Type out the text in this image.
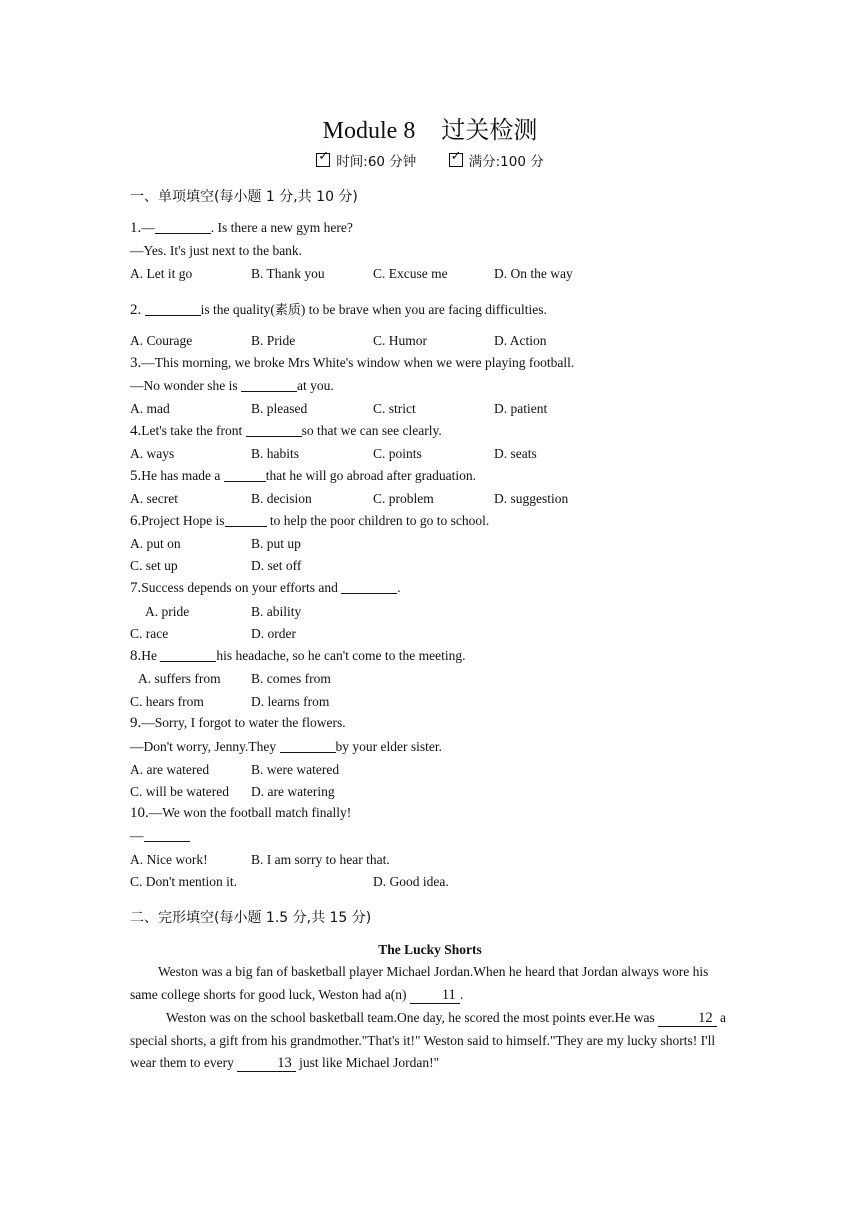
Module 8 过关检测
✓时间:60 分钟 ✓	满分:100 分
一、单项填空(每小题 1 分,共 10 分)
1.—	. Is there a new gym here?
—Yes. It's just next to the bank.
A. Let it go	B. Thank you	C. Excuse me	D. On the way
2.	is the quality(素质) to be brave when you are facing difficulties.
A. Courage	B. Pride	C. Humor	D. Action
3.—This morning, we broke Mrs White's window when we were playing football.
—No wonder she is	at you.
A. mad	B. pleased	C. strict	D. patient
4.Let's take the front	so that we can see clearly.
A. ways	B. habits	C. points	D. seats
5.He has made a	that he will go abroad after graduation.
A. secret	B. decision	C. problem	D. suggestion
6.Project Hope is	to help the poor children to go to school.
A. put on	B. put up
C. set up	D. set off
7.Success depends on your efforts and	.
A. pride	B. ability
C. race	D. order
8.He	his headache, so he can't come to the meeting.
A. suffers from B. comes from
C. hears from	D. learns from
9.—Sorry, I forgot to water the flowers.
—Don't worry, Jenny.They	by your elder sister.
A. are watered	B. were watered
C. will be watered D. are watering
10.—We won the football match finally!
—
A. Nice work!	B. I am sorry to hear that.
C. Don't mention it.	D. Good idea.
二、完形填空(每小题 1.5 分,共 15 分)
The Lucky Shorts
Weston was a big fan of basketball player Michael Jordan.When he heard that Jordan always wore his same college shorts for good luck, Weston had a(n) 11 .
Weston was on the school basketball team.One day, he scored the most points ever.He was	12 a special shorts, a gift from his grandmother."That's it!" Weston said to himself."They are my lucky shorts! I'll wear them to every	13 just like Michael Jordan!"
